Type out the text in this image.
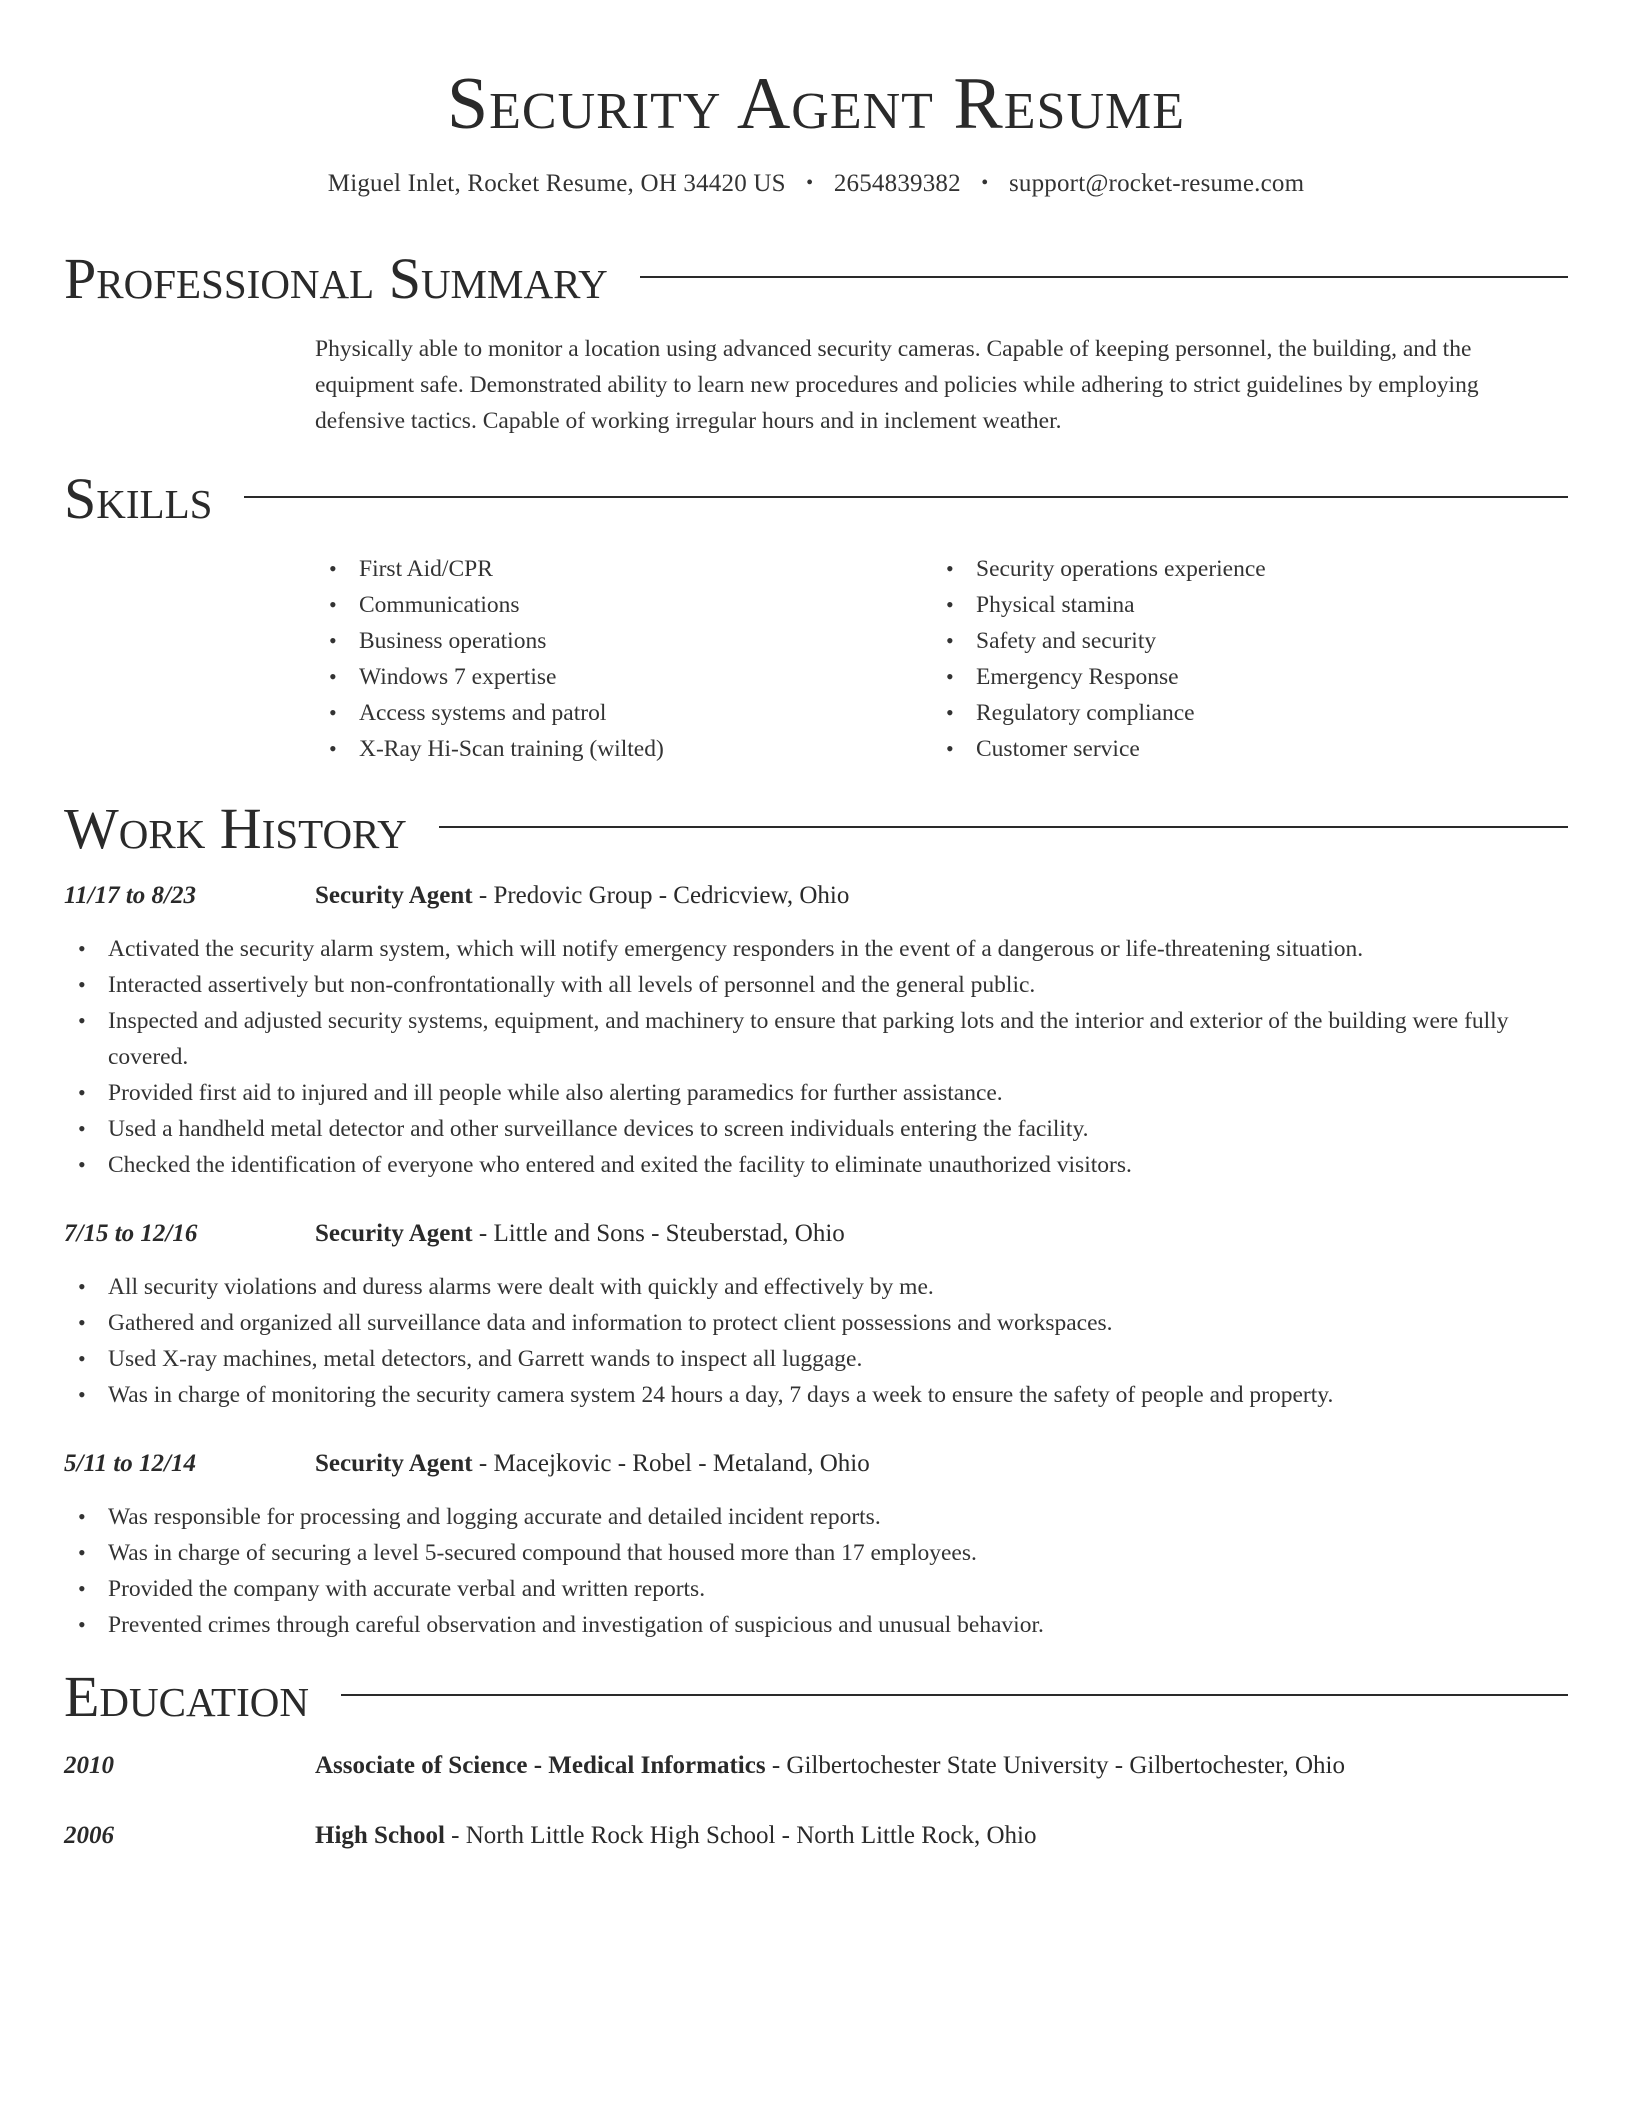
Security Agent Resume
Miguel Inlet, Rocket Resume, OH 34420 US • 2654839382 • support@rocket-resume.com
Professional Summary
Physically able to monitor a location using advanced security cameras. Capable of keeping personnel, the building, and the equipment safe. Demonstrated ability to learn new procedures and policies while adhering to strict guidelines by employing defensive tactics. Capable of working irregular hours and in inclement weather.
Skills
• First Aid/CPR
• Communications
• Business operations
• Windows 7 expertise
• Access systems and patrol
• X-Ray Hi-Scan training (wilted)
• Security operations experience
• Physical stamina
• Safety and security
• Emergency Response
• Regulatory compliance
• Customer service
Work History
11/17 to 8/23	Security Agent - Predovic Group - Cedricview, Ohio
• Activated the security alarm system, which will notify emergency responders in the event of a dangerous or life-threatening situation.
• Interacted assertively but non-confrontationally with all levels of personnel and the general public.
• Inspected and adjusted security systems, equipment, and machinery to ensure that parking lots and the interior and exterior of the building were fully covered.
• Provided first aid to injured and ill people while also alerting paramedics for further assistance.
• Used a handheld metal detector and other surveillance devices to screen individuals entering the facility.
• Checked the identification of everyone who entered and exited the facility to eliminate unauthorized visitors.
7/15 to 12/16	Security Agent - Little and Sons - Steuberstad, Ohio
• All security violations and duress alarms were dealt with quickly and effectively by me.
• Gathered and organized all surveillance data and information to protect client possessions and workspaces.
• Used X-ray machines, metal detectors, and Garrett wands to inspect all luggage.
• Was in charge of monitoring the security camera system 24 hours a day, 7 days a week to ensure the safety of people and property.
5/11 to 12/14	Security Agent - Macejkovic - Robel - Metaland, Ohio
• Was responsible for processing and logging accurate and detailed incident reports.
• Was in charge of securing a level 5-secured compound that housed more than 17 employees.
• Provided the company with accurate verbal and written reports.
• Prevented crimes through careful observation and investigation of suspicious and unusual behavior.
Education
2010	Associate of Science - Medical Informatics - Gilbertochester State University - Gilbertochester, Ohio
2006	High School - North Little Rock High School - North Little Rock, Ohio
